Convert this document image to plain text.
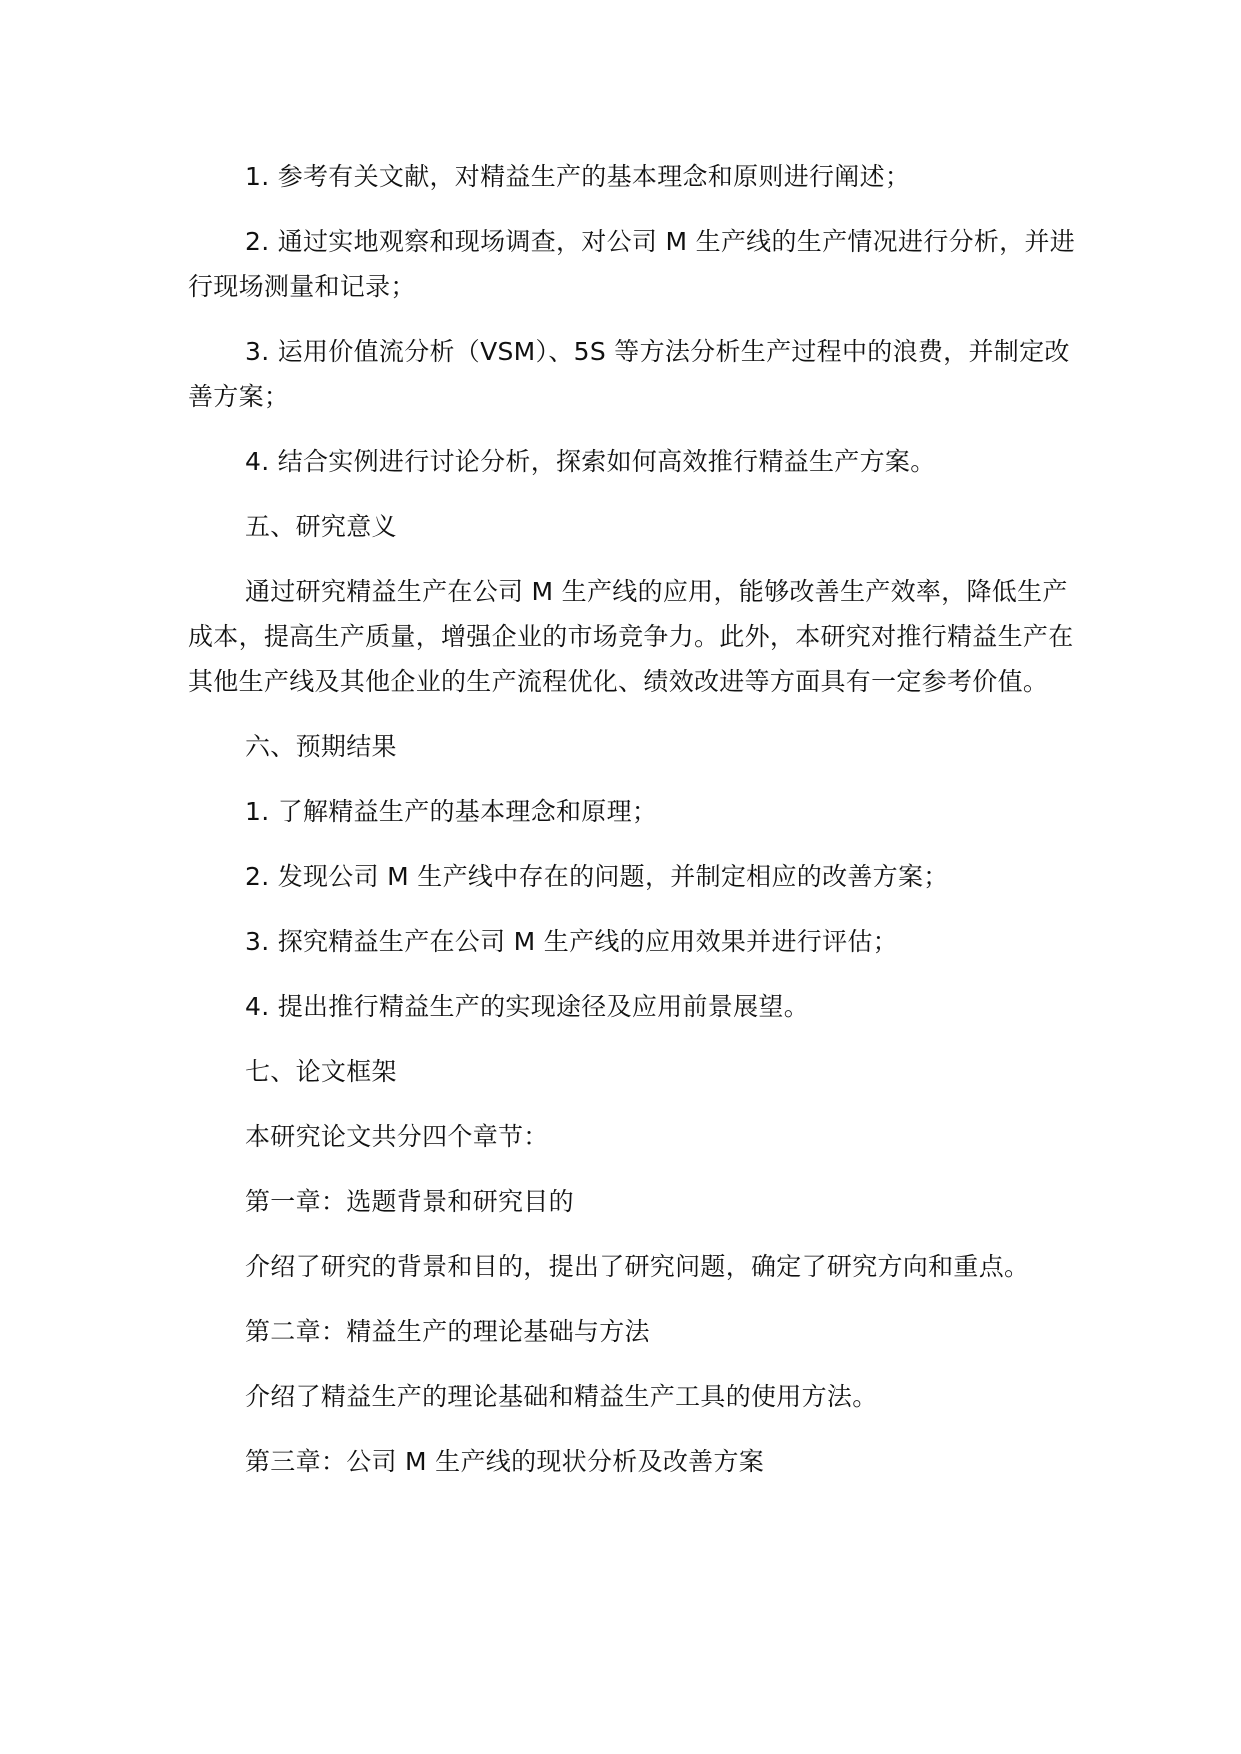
1. 参考有关文献，对精益生产的基本理念和原则进行阐述；

2. 通过实地观察和现场调查，对公司 M 生产线的生产情况进行分析，并进行现场测量和记录；

3. 运用价值流分析（VSM）、5S 等方法分析生产过程中的浪费，并制定改善方案；

4. 结合实例进行讨论分析，探索如何高效推行精益生产方案。

五、研究意义

通过研究精益生产在公司 M 生产线的应用，能够改善生产效率，降低生产成本，提高生产质量，增强企业的市场竞争力。此外，本研究对推行精益生产在其他生产线及其他企业的生产流程优化、绩效改进等方面具有一定参考价值。

六、预期结果

1. 了解精益生产的基本理念和原理；

2. 发现公司 M 生产线中存在的问题，并制定相应的改善方案；

3. 探究精益生产在公司 M 生产线的应用效果并进行评估；

4. 提出推行精益生产的实现途径及应用前景展望。

七、论文框架

本研究论文共分四个章节：

第一章：选题背景和研究目的

介绍了研究的背景和目的，提出了研究问题，确定了研究方向和重点。

第二章：精益生产的理论基础与方法

介绍了精益生产的理论基础和精益生产工具的使用方法。

第三章：公司 M 生产线的现状分析及改善方案
